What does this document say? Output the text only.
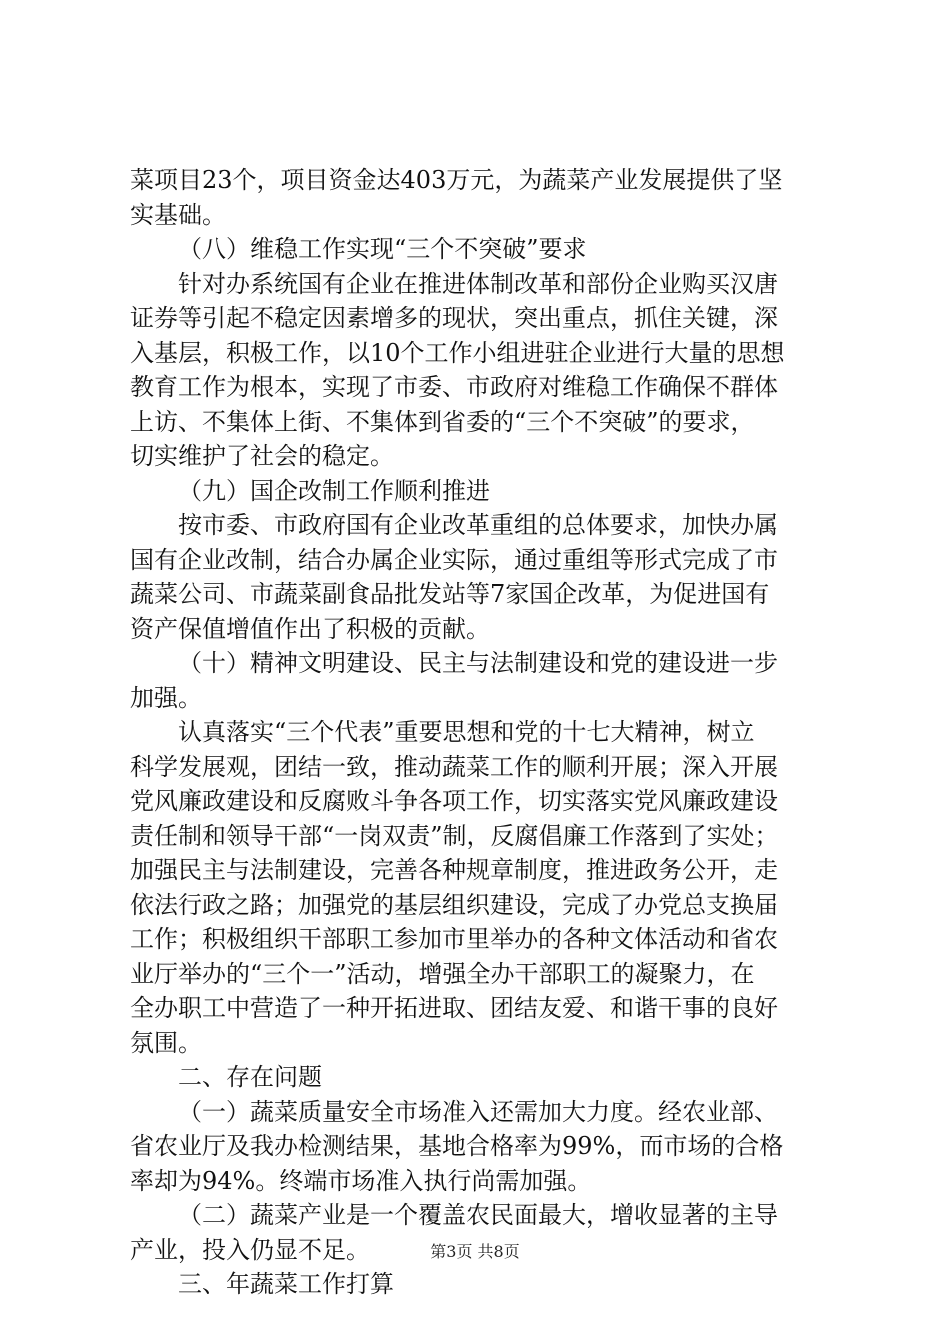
菜项目23个，项目资金达403万元，为蔬菜产业发展提供了坚
实基础。
（八）维稳工作实现“三个不突破”要求
针对办系统国有企业在推进体制改革和部份企业购买汉唐
证券等引起不稳定因素增多的现状，突出重点，抓住关键，深
入基层，积极工作，以10个工作小组进驻企业进行大量的思想
教育工作为根本，实现了市委、市政府对维稳工作确保不群体
上访、不集体上街、不集体到省委的“三个不突破”的要求，
切实维护了社会的稳定。
（九）国企改制工作顺利推进
按市委、市政府国有企业改革重组的总体要求，加快办属
国有企业改制，结合办属企业实际，通过重组等形式完成了市
蔬菜公司、市蔬菜副食品批发站等7家国企改革，为促进国有
资产保值增值作出了积极的贡献。
（十）精神文明建设、民主与法制建设和党的建设进一步
加强。
认真落实“三个代表”重要思想和党的十七大精神，树立
科学发展观，团结一致，推动蔬菜工作的顺利开展；深入开展
党风廉政建设和反腐败斗争各项工作，切实落实党风廉政建设
责任制和领导干部“一岗双责”制，反腐倡廉工作落到了实处；
加强民主与法制建设，完善各种规章制度，推进政务公开，走
依法行政之路；加强党的基层组织建设，完成了办党总支换届
工作；积极组织干部职工参加市里举办的各种文体活动和省农
业厅举办的“三个一”活动，增强全办干部职工的凝聚力，在
全办职工中营造了一种开拓进取、团结友爱、和谐干事的良好
氛围。
二、存在问题
（一）蔬菜质量安全市场准入还需加大力度。经农业部、
省农业厅及我办检测结果，基地合格率为99%，而市场的合格
率却为94%。终端市场准入执行尚需加强。
（二）蔬菜产业是一个覆盖农民面最大，增收显著的主导
产业，投入仍显不足。
三、年蔬菜工作打算
第3页 共8页
